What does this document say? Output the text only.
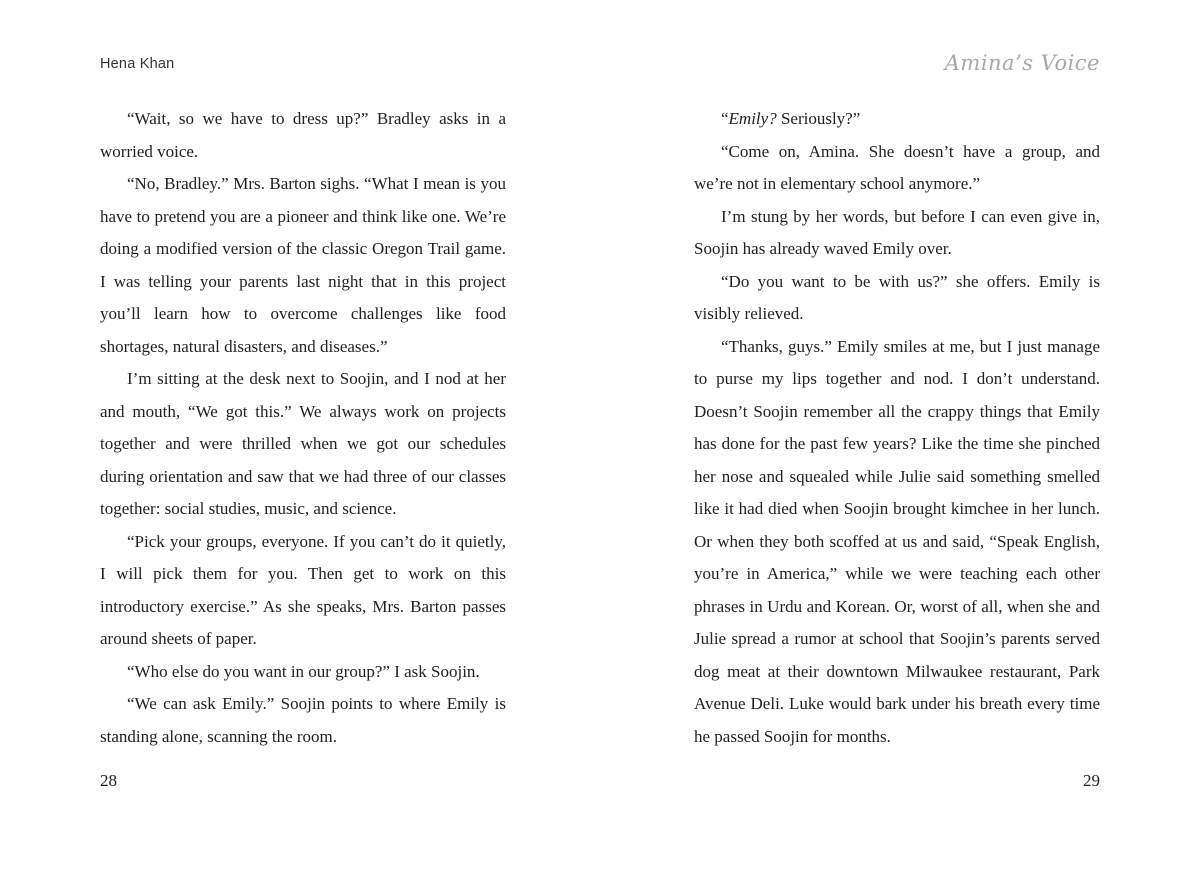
Hena Khan

“Wait, so we have to dress up?” Bradley asks in a worried voice.

“No, Bradley.” Mrs. Barton sighs. “What I mean is you have to pretend you are a pioneer and think like one. We’re doing a modified version of the classic Oregon Trail game. I was telling your parents last night that in this project you’ll learn how to overcome challenges like food shortages, natural disasters, and diseases.”

I’m sitting at the desk next to Soojin, and I nod at her and mouth, “We got this.” We always work on projects together and were thrilled when we got our schedules during orientation and saw that we had three of our classes together: social studies, music, and science.

“Pick your groups, everyone. If you can’t do it quietly, I will pick them for you. Then get to work on this introductory exercise.” As she speaks, Mrs. Barton passes around sheets of paper.

“Who else do you want in our group?” I ask Soojin.

“We can ask Emily.” Soojin points to where Emily is standing alone, scanning the room.

28
Amina’s Voice

“Emily? Seriously?”

“Come on, Amina. She doesn’t have a group, and we’re not in elementary school anymore.”

I’m stung by her words, but before I can even give in, Soojin has already waved Emily over.

“Do you want to be with us?” she offers. Emily is visibly relieved.

“Thanks, guys.” Emily smiles at me, but I just manage to purse my lips together and nod. I don’t understand. Doesn’t Soojin remember all the crappy things that Emily has done for the past few years? Like the time she pinched her nose and squealed while Julie said something smelled like it had died when Soojin brought kimchee in her lunch. Or when they both scoffed at us and said, “Speak English, you’re in America,” while we were teaching each other phrases in Urdu and Korean. Or, worst of all, when she and Julie spread a rumor at school that Soojin’s parents served dog meat at their downtown Milwaukee restaurant, Park Avenue Deli. Luke would bark under his breath every time he passed Soojin for months.

29
